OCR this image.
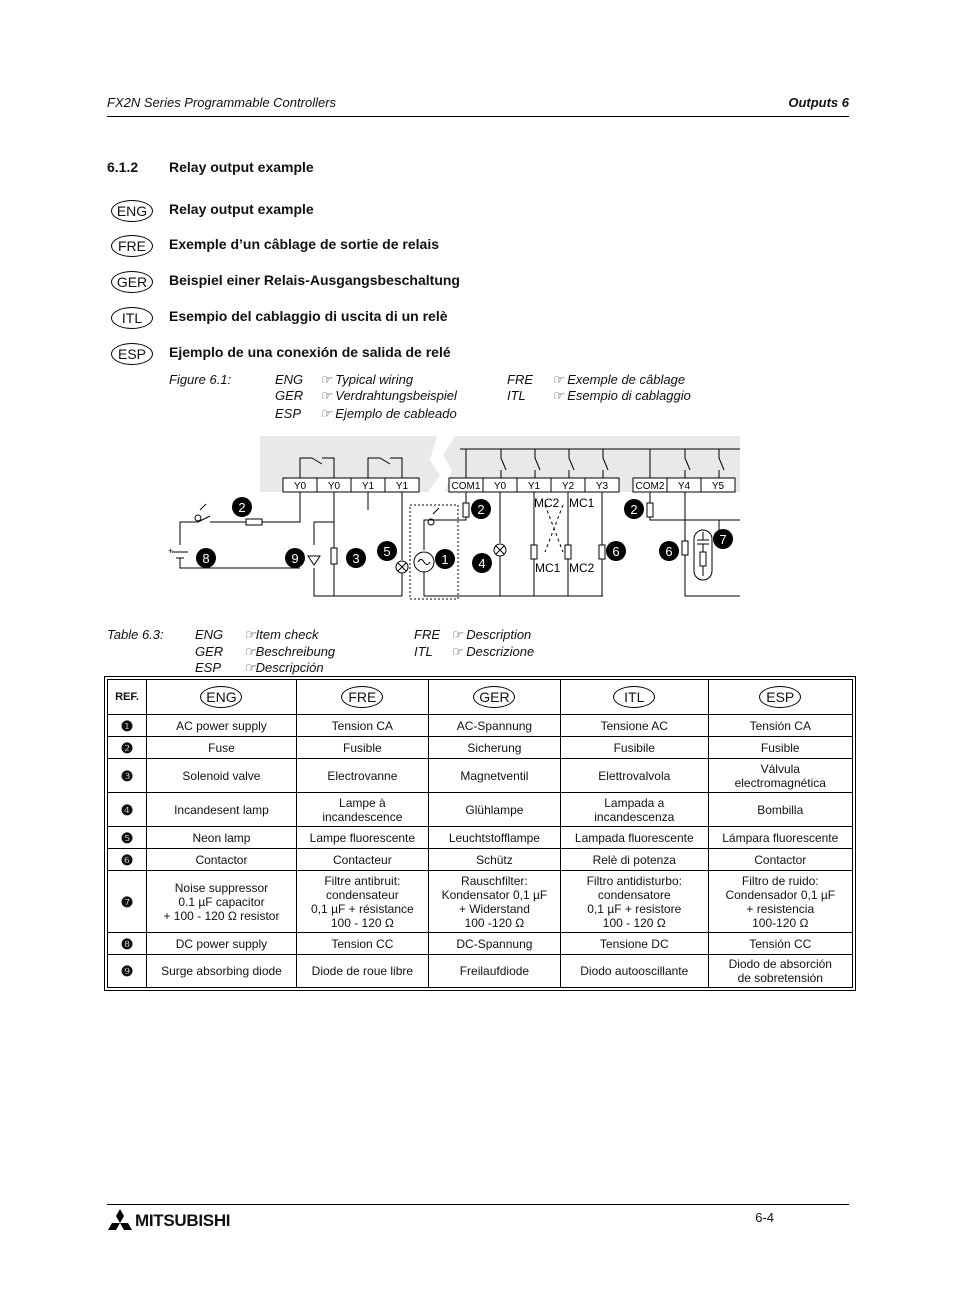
FX2N Series Programmable Controllers	Outputs 6
6.1.2 Relay output example
ENG	Relay output example
FRE	Exemple d’un câblage de sortie de relais
GER	Beispiel einer Relais-Ausgangsbeschaltung
ITL	Esempio del cablaggio di uscita di un relè
ESP	Ejemplo de una conexión de salida de relé
Figure 6.1:	ENG ☞ Typical wiring
GER ☞ Verdrahtungsbeispiel
ESP ☞ Ejemplo de cableado
FRE ☞ Exemple de câblage
ITL ☞ Esempio di cablaggio
Y0 Y0 Y1 Y1	COM1 Y0 Y1 Y2 Y3	COM2 Y4 Y5
MC2 MC1
MC1 MC2
+
2
8	9	3 5
1
2
4
2
6	6
7
Table 6.3: ENG ☞Item check
GER ☞Beschreibung
ESP ☞Descripción
FRE ☞ Description
ITL ☞ Descrizione
REF.	ENG	FRE	GER	ITL	ESP
❶	AC power supply	Tension CA	AC-Spannung	Tensione AC	Tensión CA
❷	Fuse	Fusible	Sicherung	Fusibile	Fusible
❸	Solenoid valve	Electrovanne	Magnetventil	Elettrovalvola	Válvula
electromagnética
❹	Incandesent lamp	Lampe à
incandescence	Glühlampe	Lampada a
incandescenza	Bombilla
❺	Neon lamp	Lampe fluorescente	Leuchtstofflampe	Lampada fluorescente	Lámpara fluorescente
❻	Contactor	Contacteur	Schütz	Relè di potenza	Contactor
❼	Noise suppressor
0.1 µF capacitor
+ 100 - 120 Ω resistor	Filtre antibruit:
condensateur
0,1 µF + résistance
100 - 120 Ω	Rauschfilter:
Kondensator 0,1 µF
+ Widerstand
100 -120 Ω	Filtro antidisturbo:
condensatore
0,1 µF + resistore
100 - 120 Ω	Filtro de ruido:
Condensador 0,1 µF
+ resistencia
100-120 Ω
❽	DC power supply	Tension CC	DC-Spannung	Tensione DC	Tensión CC
❾	Surge absorbing diode	Diode de roue libre	Freilaufdiode	Diodo autooscillante	Diodo de absorción
de sobretensión
MITSUBISHI	6-4
